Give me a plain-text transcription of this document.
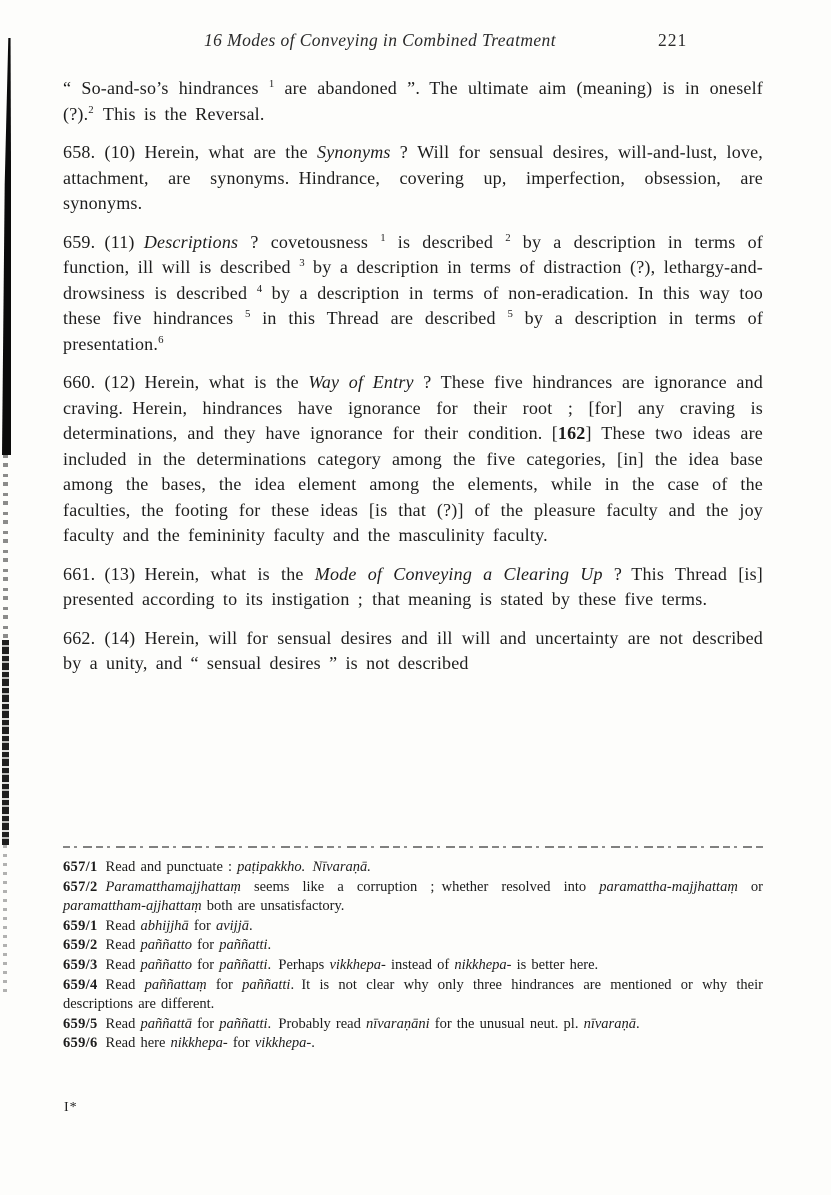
16 Modes of Conveying in Combined Treatment	221

“ So-and-so’s hindrances $^1$ are abandoned ”. The ultimate aim (meaning) is in oneself (?).$^2$ This is the Reversal.

658. (10) Herein, what are the Synonyms ? Will for sensual desires, will-and-lust, love, attachment, are synonyms. Hindrance, covering up, imperfection, obsession, are synonyms.

659. (11) Descriptions ? covetousness $^1$ is described $^2$ by a description in terms of function, ill will is described $^3$ by a description in terms of distraction (?), lethargy-and-drowsiness is described $^4$ by a description in terms of non-eradication. In this way too these five hindrances $^5$ in this Thread are described $^5$ by a description in terms of presentation.$^6$

660. (12) Herein, what is the Way of Entry ? These five hindrances are ignorance and craving. Herein, hindrances have ignorance for their root ; [for] any craving is determinations, and they have ignorance for their condition. [162] These two ideas are included in the determinations category among the five categories, [in] the idea base among the bases, the idea element among the elements, while in the case of the faculties, the footing for these ideas [is that (?)] of the pleasure faculty and the joy faculty and the femininity faculty and the masculinity faculty.

661. (13) Herein, what is the Mode of Conveying a Clearing Up ? This Thread [is] presented according to its instigation ; that meaning is stated by these five terms.

662. (14) Herein, will for sensual desires and ill will and uncertainty are not described by a unity, and “ sensual desires ” is not described

657/1 Read and punctuate : paṭipakkho. Nīvaraṇā.

657/2 Paramatthamajjhattaṃ seems like a corruption ; whether resolved into paramattha-majjhattaṃ or paramattham-ajjhattaṃ both are unsatisfactory.

659/1 Read abhijjhā for avijjā.

659/2 Read paññatto for paññatti.

659/3 Read paññatto for paññatti. Perhaps vikkhepa- instead of nikkhepa- is better here.

659/4 Read paññattaṃ for paññatti. It is not clear why only three hindrances are mentioned or why their descriptions are different.

659/5 Read paññattā for paññatti. Probably read nīvaraṇāni for the unusual neut. pl. nīvaraṇā.

659/6 Read here nikkhepa- for vikkhepa-.

I*
